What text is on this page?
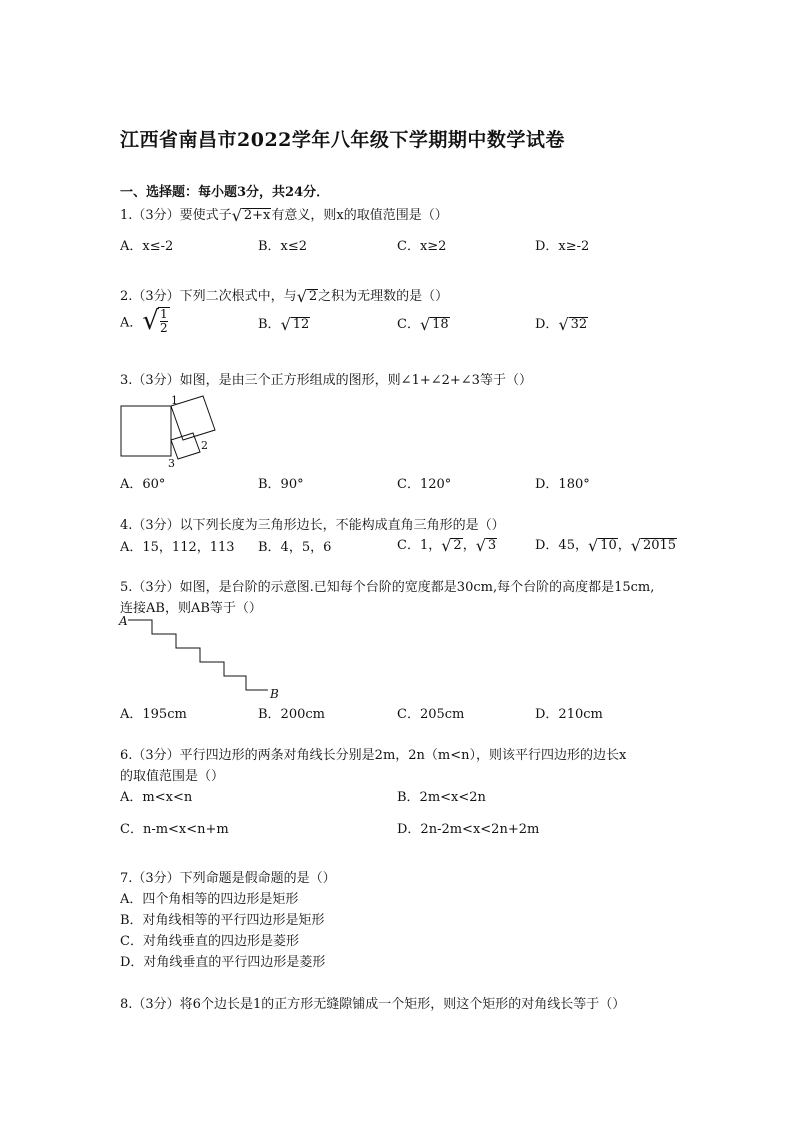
江西省南昌市2022学年八年级下学期期中数学试卷
一、选择题：每小题3分，共24分．
1.（3分）要使式子√ 2+x有意义，则x的取值范围是（）
A．x≤-2	B．x≤2	C．x≥2	D．x≥-2
2.（3分）下列二次根式中，与√ 2之积为无理数的是（）
A．√ $\frac{1}{2}$	B．√ 12	C．√ 18	D．√ 32
3.（3分）如图，是由三个正方形组成的图形，则∠1+∠2+∠3等于（）
1
2
3
A．60°	B．90°	C．120°	D．180°
4.（3分）以下列长度为三角形边长，不能构成直角三角形的是（）
A．15，112，113 B．4，5，6	C．1，√ 2，√ 3	D．45，√ 10，√ 2015
5.（3分）如图，是台阶的示意图.已知每个台阶的宽度都是30cm,每个台阶的高度都是15cm,
连接AB，则AB等于（）
A
B
A．195cm	B．200cm	C．205cm	D．210cm
6.（3分）平行四边形的两条对角线长分别是2m，2n（m<n），则该平行四边形的边长x
的取值范围是（）
A．m<x<n	B．2m<x<2n
C．n-m<x<n+m	D．2n-2m<x<2n+2m
7.（3分）下列命题是假命题的是（）
A．四个角相等的四边形是矩形
B．对角线相等的平行四边形是矩形
C．对角线垂直的四边形是菱形
D．对角线垂直的平行四边形是菱形
8.（3分）将6个边长是1的正方形无缝隙铺成一个矩形，则这个矩形的对角线长等于（）
